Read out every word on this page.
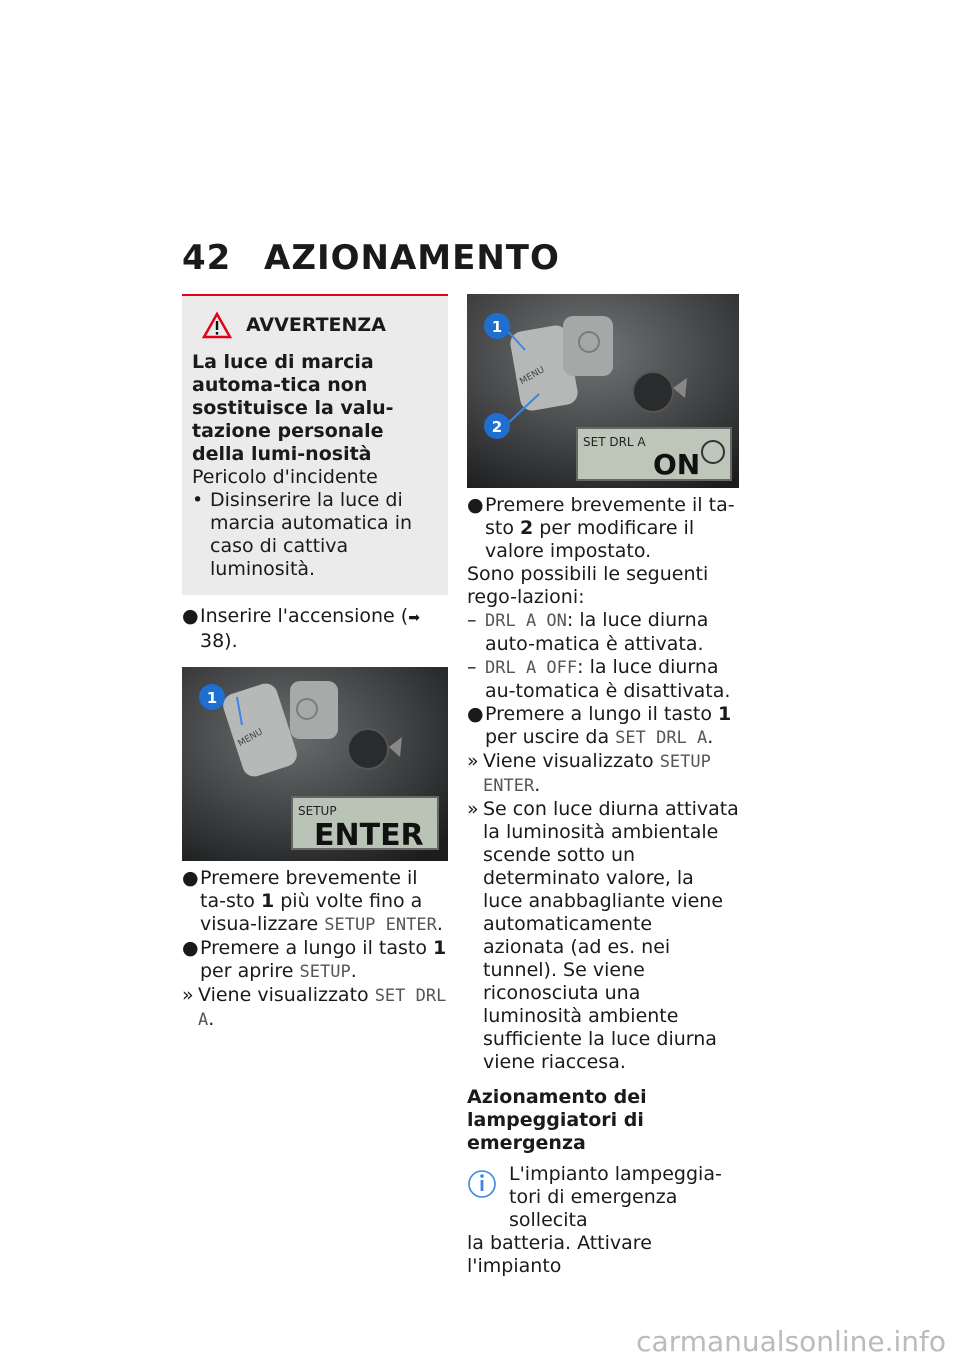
42 AZIONAMENTO
AVVERTENZA
La luce di marcia automa-tica non sostituisce la valu-tazione personale della lumi-nosità
Pericolo d'incidente
• Disinserire la luce di marcia automatica in caso di cattiva luminosità.
● Inserire l'accensione (➡ 38).
SETUP
ENTER
MENU
1
● Premere brevemente il ta-sto 1 più volte fino a visua-lizzare SETUP ENTER.
● Premere a lungo il tasto 1 per aprire SETUP.
» Viene visualizzato SET DRL A.
SET DRL A
ON
MENU
1
2
● Premere brevemente il ta-sto 2 per modificare il valore impostato.
Sono possibili le seguenti rego-lazioni:
– DRL A ON: la luce diurna auto-matica è attivata.
– DRL A OFF: la luce diurna au-tomatica è disattivata.
● Premere a lungo il tasto 1 per uscire da SET DRL A.
» Viene visualizzato SETUP ENTER.
» Se con luce diurna attivata la luminosità ambientale scende sotto un determinato valore, la luce anabbagliante viene automaticamente azionata (ad es. nei tunnel). Se viene riconosciuta una luminosità ambiente sufficiente la luce diurna viene riaccesa.
Azionamento dei lampeggiatori di emergenza
L'impianto lampeggia-tori di emergenza sollecita
la batteria. Attivare l'impianto
carmanualsonline.info
